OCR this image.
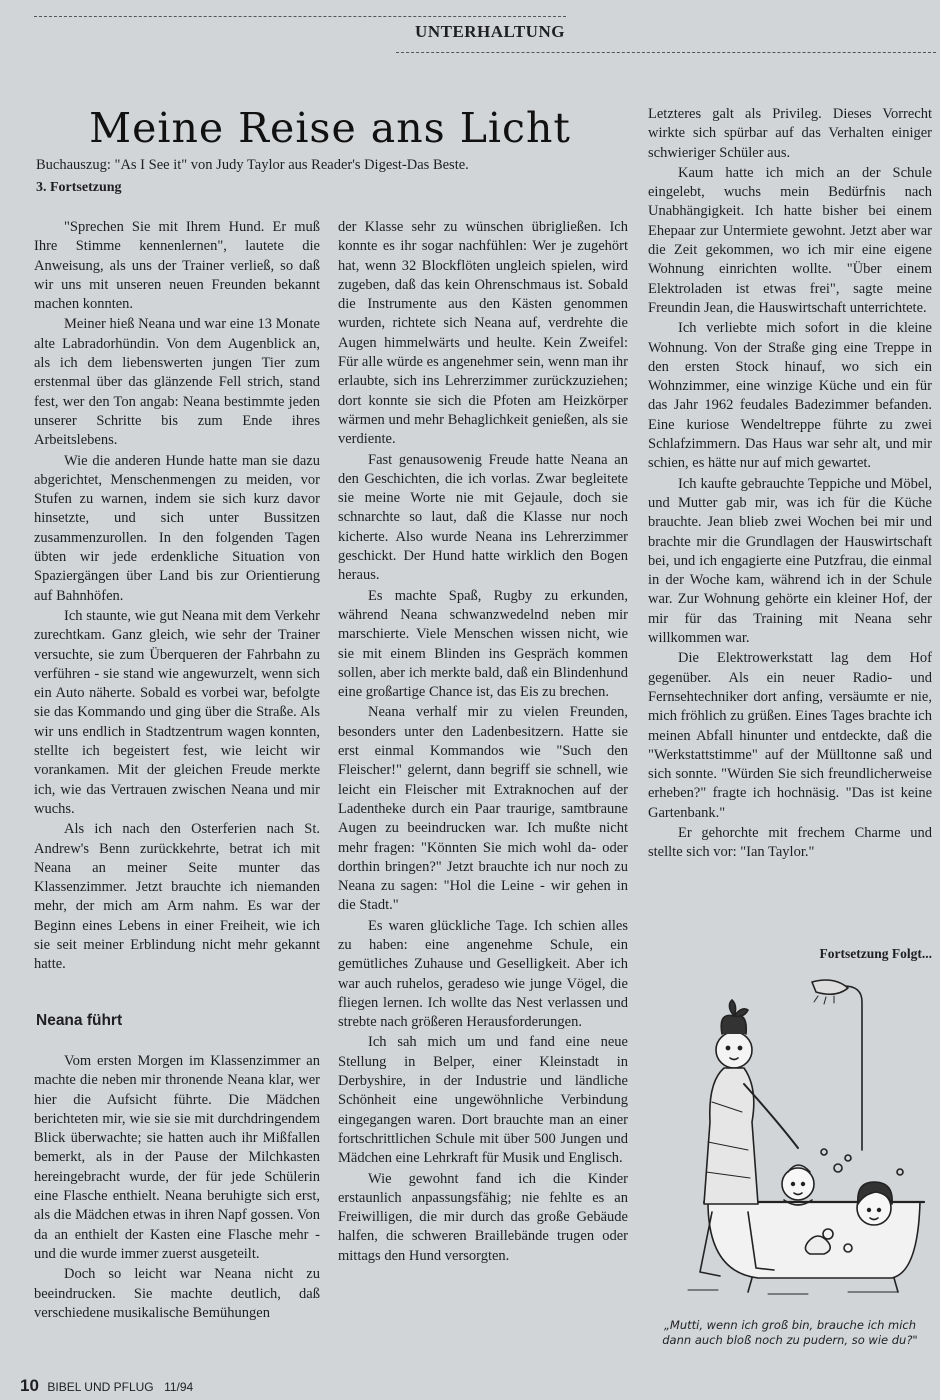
UNTERHALTUNG
Meine Reise ans Licht
Buchauszug: "As I See it" von Judy Taylor aus Reader's Digest-Das Beste.
3. Fortsetzung

"Sprechen Sie mit Ihrem Hund. Er muß Ihre Stimme kennenlernen", lautete die Anweisung, als uns der Trainer verließ, so daß wir uns mit unseren neuen Freunden bekannt machen konnten.

Meiner hieß Neana und war eine 13 Monate alte Labradorhündin. Von dem Augenblick an, als ich dem liebenswerten jungen Tier zum erstenmal über das glänzende Fell strich, stand fest, wer den Ton angab: Neana bestimmte jeden unserer Schritte bis zum Ende ihres Arbeitslebens.

Wie die anderen Hunde hatte man sie dazu abgerichtet, Menschenmengen zu meiden, vor Stufen zu warnen, indem sie sich kurz davor hinsetzte, und sich unter Bussitzen zusammenzurollen. In den folgenden Tagen übten wir jede erdenkliche Situation von Spaziergängen über Land bis zur Orientierung auf Bahnhöfen.

Ich staunte, wie gut Neana mit dem Verkehr zurechtkam. Ganz gleich, wie sehr der Trainer versuchte, sie zum Überqueren der Fahrbahn zu verführen - sie stand wie angewurzelt, wenn sich ein Auto näherte. Sobald es vorbei war, befolgte sie das Kommando und ging über die Straße. Als wir uns endlich in Stadtzentrum wagen konnten, stellte ich begeistert fest, wie leicht wir vorankamen. Mit der gleichen Freude merkte ich, wie das Vertrauen zwischen Neana und mir wuchs.

Als ich nach den Osterferien nach St. Andrew's Benn zurückkehrte, betrat ich mit Neana an meiner Seite munter das Klassenzimmer. Jetzt brauchte ich niemanden mehr, der mich am Arm nahm. Es war der Beginn eines Lebens in einer Freiheit, wie ich sie seit meiner Erblindung nicht mehr gekannt hatte.

Neana führt

Vom ersten Morgen im Klassenzimmer an machte die neben mir thronende Neana klar, wer hier die Aufsicht führte. Die Mädchen berichteten mir, wie sie sie mit durchdringendem Blick überwachte; sie hatten auch ihr Mißfallen bemerkt, als in der Pause der Milchkasten hereingebracht wurde, der für jede Schülerin eine Flasche enthielt. Neana beruhigte sich erst, als die Mädchen etwas in ihren Napf gossen. Von da an enthielt der Kasten eine Flasche mehr - und die wurde immer zuerst ausgeteilt.

Doch so leicht war Neana nicht zu beeindrucken. Sie machte deutlich, daß verschiedene musikalische Bemühungen

der Klasse sehr zu wünschen übrigließen. Ich konnte es ihr sogar nachfühlen: Wer je zugehört hat, wenn 32 Blockflöten ungleich spielen, wird zugeben, daß das kein Ohrenschmaus ist. Sobald die Instrumente aus den Kästen genommen wurden, richtete sich Neana auf, verdrehte die Augen himmelwärts und heulte. Kein Zweifel: Für alle würde es angenehmer sein, wenn man ihr erlaubte, sich ins Lehrerzimmer zurückzuziehen; dort konnte sie sich die Pfoten am Heizkörper wärmen und mehr Behaglichkeit genießen, als sie verdiente.

Fast genausowenig Freude hatte Neana an den Geschichten, die ich vorlas. Zwar begleitete sie meine Worte nie mit Gejaule, doch sie schnarchte so laut, daß die Klasse nur noch kicherte. Also wurde Neana ins Lehrerzimmer geschickt. Der Hund hatte wirklich den Bogen heraus.

Es machte Spaß, Rugby zu erkunden, während Neana schwanzwedelnd neben mir marschierte. Viele Menschen wissen nicht, wie sie mit einem Blinden ins Gespräch kommen sollen, aber ich merkte bald, daß ein Blindenhund eine großartige Chance ist, das Eis zu brechen.

Neana verhalf mir zu vielen Freunden, besonders unter den Ladenbesitzern. Hatte sie erst einmal Kommandos wie "Such den Fleischer!" gelernt, dann begriff sie schnell, wie leicht ein Fleischer mit Extraknochen auf der Ladentheke durch ein Paar traurige, samtbraune Augen zu beeindrucken war. Ich mußte nicht mehr fragen: "Könnten Sie mich wohl da- oder dorthin bringen?" Jetzt brauchte ich nur noch zu Neana zu sagen: "Hol die Leine - wir gehen in die Stadt."

Es waren glückliche Tage. Ich schien alles zu haben: eine angenehme Schule, ein gemütliches Zuhause und Geselligkeit. Aber ich war auch ruhelos, geradeso wie junge Vögel, die fliegen lernen. Ich wollte das Nest verlassen und strebte nach größeren Herausforderungen.

Ich sah mich um und fand eine neue Stellung in Belper, einer Kleinstadt in Derbyshire, in der Industrie und ländliche Schönheit eine ungewöhnliche Verbindung eingegangen waren. Dort brauchte man an einer fortschrittlichen Schule mit über 500 Jungen und Mädchen eine Lehrkraft für Musik und Englisch.

Wie gewohnt fand ich die Kinder erstaunlich anpassungsfähig; nie fehlte es an Freiwilligen, die mir durch das große Gebäude halfen, die schweren Braillebände trugen oder mittags den Hund versorgten.

Letzteres galt als Privileg. Dieses Vorrecht wirkte sich spürbar auf das Verhalten einiger schwieriger Schüler aus.

Kaum hatte ich mich an der Schule eingelebt, wuchs mein Bedürfnis nach Unabhängigkeit. Ich hatte bisher bei einem Ehepaar zur Untermiete gewohnt. Jetzt aber war die Zeit gekommen, wo ich mir eine eigene Wohnung einrichten wollte. "Über einem Elektroladen ist etwas frei", sagte meine Freundin Jean, die Hauswirtschaft unterrichtete.

Ich verliebte mich sofort in die kleine Wohnung. Von der Straße ging eine Treppe in den ersten Stock hinauf, wo sich ein Wohnzimmer, eine winzige Küche und ein für das Jahr 1962 feudales Badezimmer befanden. Eine kuriose Wendeltreppe führte zu zwei Schlafzimmern. Das Haus war sehr alt, und mir schien, es hätte nur auf mich gewartet.

Ich kaufte gebrauchte Teppiche und Möbel, und Mutter gab mir, was ich für die Küche brauchte. Jean blieb zwei Wochen bei mir und brachte mir die Grundlagen der Hauswirtschaft bei, und ich engagierte eine Putzfrau, die einmal in der Woche kam, während ich in der Schule war. Zur Wohnung gehörte ein kleiner Hof, der mir für das Training mit Neana sehr willkommen war.

Die Elektrowerkstatt lag dem Hof gegenüber. Als ein neuer Radio- und Fernsehtechniker dort anfing, versäumte er nie, mich fröhlich zu grüßen. Eines Tages brachte ich meinen Abfall hinunter und entdeckte, daß die "Werkstattstimme" auf der Mülltonne saß und sich sonnte. "Würden Sie sich freundlicherweise erheben?" fragte ich hochnäsig. "Das ist keine Gartenbank."

Er gehorchte mit frechem Charme und stellte sich vor: "Ian Taylor."

Fortsetzung Folgt...
„Mutti, wenn ich groß bin, brauche ich mich dann auch bloß noch zu pudern, so wie du?"
10 BIBEL UND PFLUG 11/94
